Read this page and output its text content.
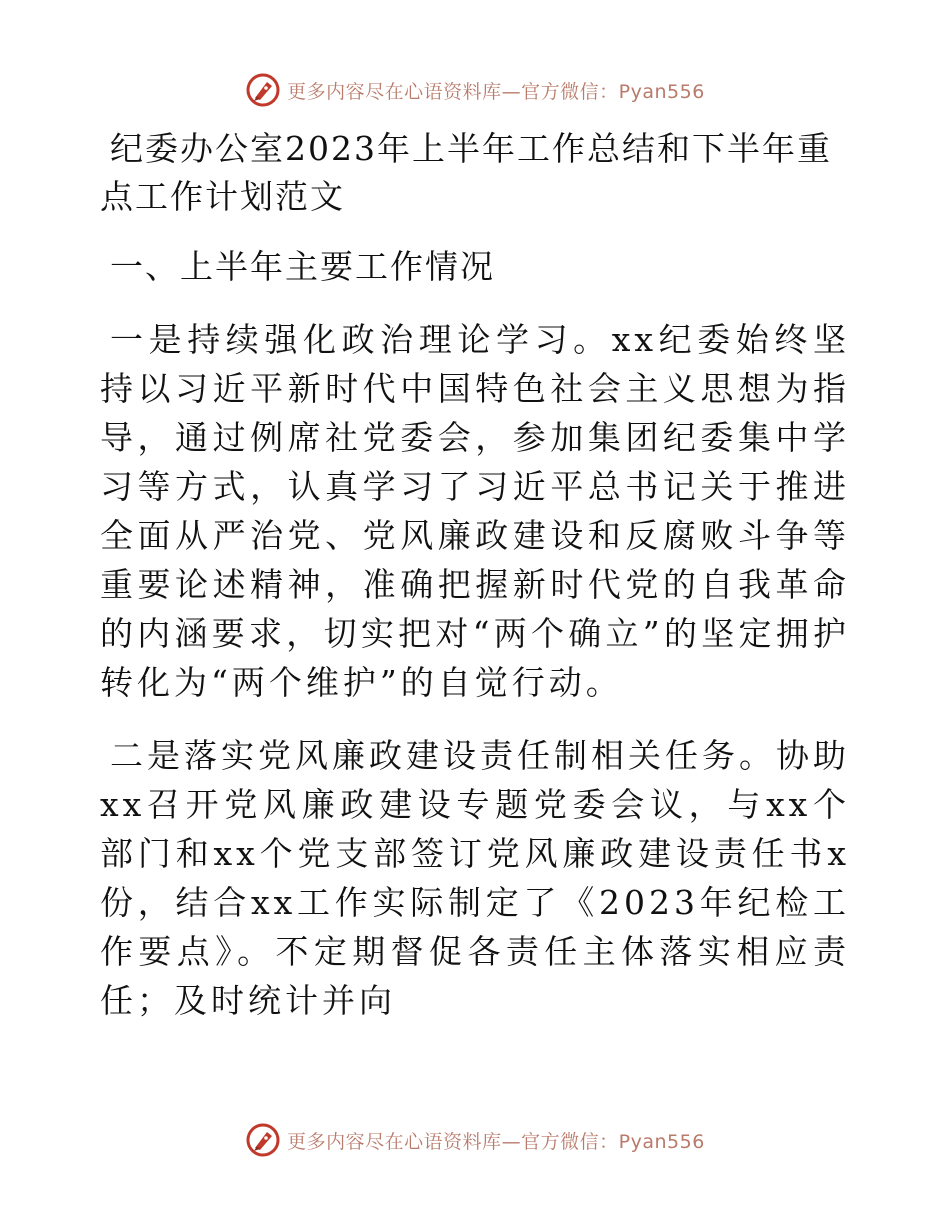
更多内容尽在心语资料库—官方微信：Pyan556
纪委办公室2023年上半年工作总结和下半年重点工作计划范文
一、上半年主要工作情况

一是持续强化政治理论学习。xx纪委始终坚持以习近平新时代中国特色社会主义思想为指导，通过例席社党委会，参加集团纪委集中学习等方式，认真学习了习近平总书记关于推进全面从严治党、党风廉政建设和反腐败斗争等重要论述精神，准确把握新时代党的自我革命的内涵要求，切实把对“两个确立”的坚定拥护转化为“两个维护”的自觉行动。

二是落实党风廉政建设责任制相关任务。协助xx召开党风廉政建设专题党委会议，与xx个部门和xx个党支部签订党风廉政建设责任书x份，结合xx工作实际制定了《2023年纪检工作要点》。不定期督促各责任主体落实相应责任；及时统计并向

更多内容尽在心语资料库—官方微信：Pyan556
